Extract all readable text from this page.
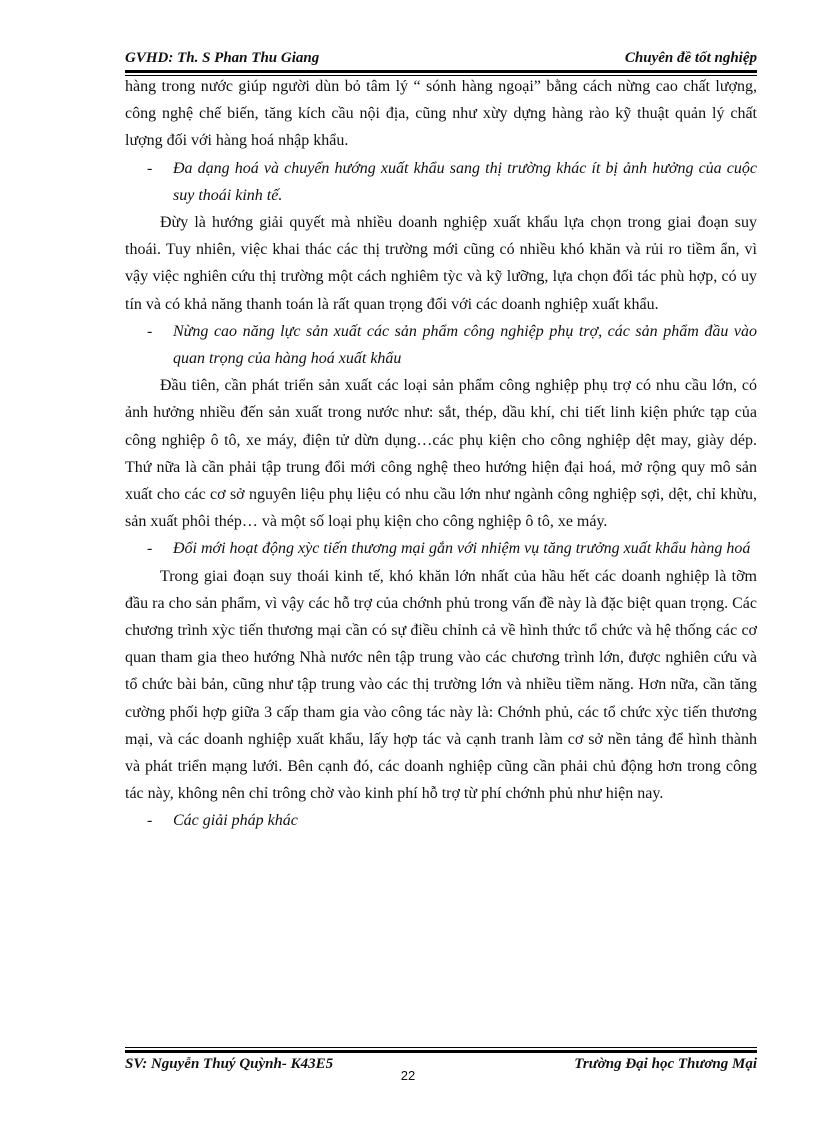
GVHD: Th. S Phan Thu Giang	Chuyên đề tốt nghiệp

hàng trong nước giúp người dùn bỏ tâm lý “ sónh hàng ngoại” bằng cách nừng cao chất lượng, công nghệ chế biến, tăng kích cầu nội địa, cũng như xừy dựng hàng rào kỹ thuật quản lý chất lượng đối với hàng hoá nhập khẩu.

- Đa dạng hoá và chuyển hướng xuất khẩu sang thị trường khác ít bị ảnh hưởng của cuộc suy thoái kinh tế.

Đừy là hướng giải quyết mà nhiều doanh nghiệp xuất khẩu lựa chọn trong giai đoạn suy thoái. Tuy nhiên, việc khai thác các thị trường mới cũng có nhiều khó khăn và rủi ro tiềm ẩn, vì vậy việc nghiên cứu thị trường một cách nghiêm tỳc và kỹ lưỡng, lựa chọn đối tác phù hợp, có uy tín và có khả năng thanh toán là rất quan trọng đối với các doanh nghiệp xuất khẩu.

- Nừng cao năng lực sản xuất các sản phẩm công nghiệp phụ trợ, các sản phẩm đầu vào quan trọng của hàng hoá xuất khẩu

Đầu tiên, cần phát triển sản xuất các loại sản phẩm công nghiệp phụ trợ có nhu cầu lớn, có ảnh hưởng nhiều đến sản xuất trong nước như: sắt, thép, dầu khí, chi tiết linh kiện phức tạp của công nghiệp ô tô, xe máy, điện tử dừn dụng…các phụ kiện cho công nghiệp dệt may, giày dép. Thứ nữa là cần phải tập trung đổi mới công nghệ theo hướng hiện đại hoá, mở rộng quy mô sản xuất cho các cơ sở nguyên liệu phụ liệu có nhu cầu lớn như ngành công nghiệp sợi, dệt, chỉ khừu, sản xuất phôi thép… và một số loại phụ kiện cho công nghiệp ô tô, xe máy.

- Đổi mới hoạt động xỳc tiến thương mại gắn với nhiệm vụ tăng trưởng xuất khẩu hàng hoá

Trong giai đoạn suy thoái kinh tế, khó khăn lớn nhất của hầu hết các doanh nghiệp là tỡm đầu ra cho sản phẩm, vì vậy các hỗ trợ của chớnh phủ trong vấn đề này là đặc biệt quan trọng. Các chương trình xỳc tiến thương mại cần có sự điều chỉnh cả về hình thức tổ chức và hệ thống các cơ quan tham gia theo hướng Nhà nước nên tập trung vào các chương trình lớn, được nghiên cứu và tổ chức bài bản, cũng như tập trung vào các thị trường lớn và nhiều tiềm năng. Hơn nữa, cần tăng cường phối hợp giữa 3 cấp tham gia vào công tác này là: Chớnh phủ, các tổ chức xỳc tiến thương mại, và các doanh nghiệp xuất khẩu, lấy hợp tác và cạnh tranh làm cơ sở nền tảng để hình thành và phát triển mạng lưới. Bên cạnh đó, các doanh nghiệp cũng cần phải chủ động hơn trong công tác này, không nên chỉ trông chờ vào kinh phí hỗ trợ từ phí chớnh phủ như hiện nay.

- Các giải pháp khác

SV: Nguyễn Thuý Quỳnh- K43E5	Trường Đại học Thương Mại
22
